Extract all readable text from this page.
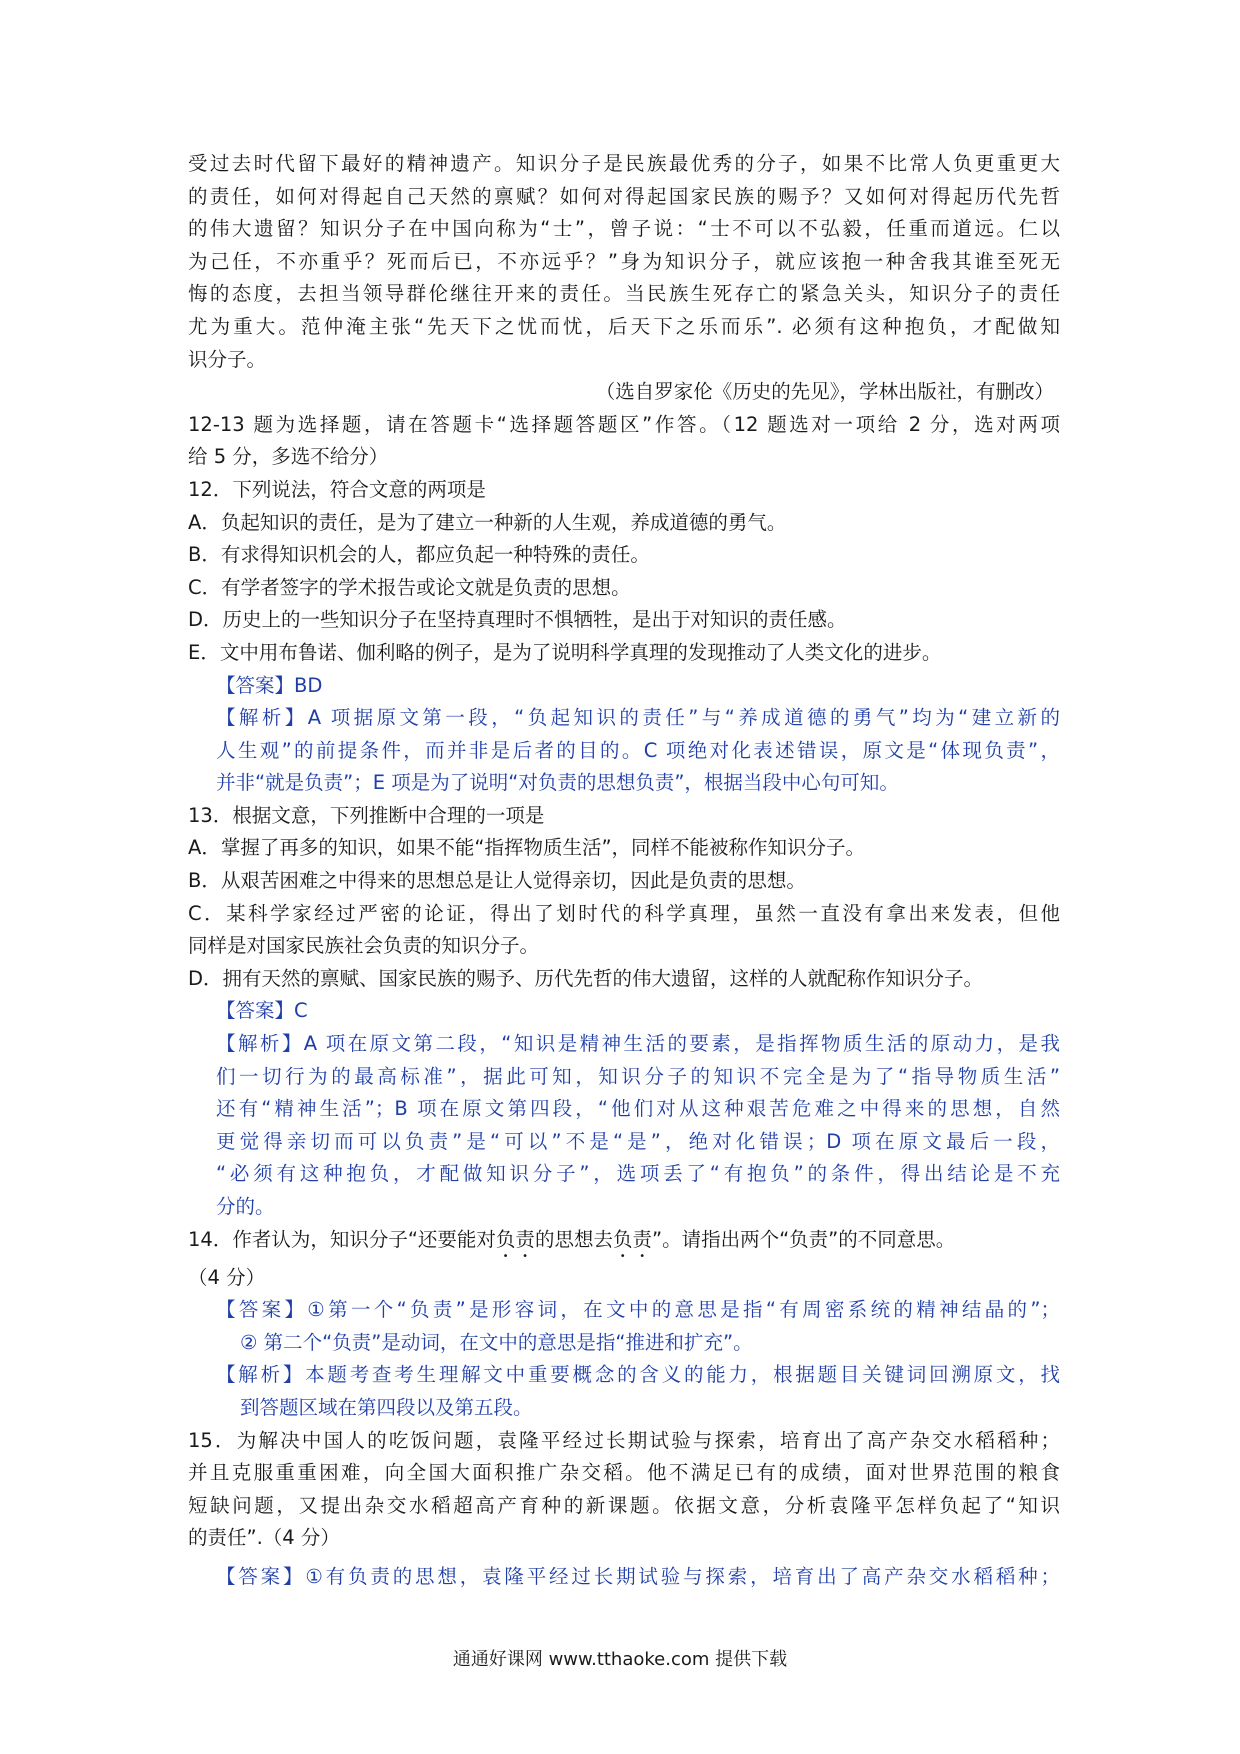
受过去时代留下最好的精神遗产。知识分子是民族最优秀的分子，如果不比常人负更重更大

的责任，如何对得起自己天然的禀赋？如何对得起国家民族的赐予？又如何对得起历代先哲

的伟大遗留？知识分子在中国向称为“士”，曾子说：“士不可以不弘毅，任重而道远。仁以

为己任，不亦重乎？死而后已，不亦远乎？”身为知识分子，就应该抱一种舍我其谁至死无

悔的态度，去担当领导群伦继往开来的责任。当民族生死存亡的紧急关头，知识分子的责任

尤为重大。范仲淹主张“先天下之忧而忧，后天下之乐而乐”. 必须有这种抱负，才配做知

识分子。

（选自罗家伦《历史的先见》，学林出版社，有删改）

12-13 题为选择题，请在答题卡“选择题答题区”作答。（12 题选对一项给 2 分，选对两项

给 5 分，多选不给分）

12．下列说法，符合文意的两项是

A．负起知识的责任，是为了建立一种新的人生观，养成道德的勇气。

B．有求得知识机会的人，都应负起一种特殊的责任。

C．有学者签字的学术报告或论文就是负责的思想。

D．历史上的一些知识分子在坚持真理时不惧牺牲，是出于对知识的责任感。

E．文中用布鲁诺、伽利略的例子，是为了说明科学真理的发现推动了人类文化的进步。

【答案】BD

【解析】A 项据原文第一段，“负起知识的责任”与“养成道德的勇气”均为“建立新的

人生观”的前提条件，而并非是后者的目的。C 项绝对化表述错误，原文是“体现负责”，

并非“就是负责”；E 项是为了说明“对负责的思想负责”，根据当段中心句可知。

13．根据文意，下列推断中合理的一项是

A．掌握了再多的知识，如果不能“指挥物质生活”，同样不能被称作知识分子。

B．从艰苦困难之中得来的思想总是让人觉得亲切，因此是负责的思想。

C．某科学家经过严密的论证，得出了划时代的科学真理，虽然一直没有拿出来发表，但他

同样是对国家民族社会负责的知识分子。

D．拥有天然的禀赋、国家民族的赐予、历代先哲的伟大遗留，这样的人就配称作知识分子。

【答案】C

【解析】A 项在原文第二段，“知识是精神生活的要素，是指挥物质生活的原动力，是我

们一切行为的最高标准”，据此可知，知识分子的知识不完全是为了“指导物质生活”

还有“精神生活”；B 项在原文第四段，“他们对从这种艰苦危难之中得来的思想，自然

更觉得亲切而可以负责”是“可以”不是“是”，绝对化错误；D 项在原文最后一段，

“必须有这种抱负，才配做知识分子”，选项丢了“有抱负”的条件，得出结论是不充

分的。

14．作者认为，知识分子“还要能对负责的思想去负责”。请指出两个“负责”的不同意思。

（4 分）

【答案】①第一个“负责”是形容词，在文中的意思是指“有周密系统的精神结晶的”；

② 第二个“负责”是动词，在文中的意思是指“推进和扩充”。

【解析】本题考查考生理解文中重要概念的含义的能力，根据题目关键词回溯原文，找

到答题区域在第四段以及第五段。

15．为解决中国人的吃饭问题，袁隆平经过长期试验与探索，培育出了高产杂交水稻稻种；

并且克服重重困难，向全国大面积推广杂交稻。他不满足已有的成绩，面对世界范围的粮食

短缺问题，又提出杂交水稻超高产育种的新课题。依据文意，分析袁隆平怎样负起了“知识

的责任”.（4 分）

【答案】①有负责的思想，袁隆平经过长期试验与探索，培育出了高产杂交水稻稻种；

通通好课网 www.tthaoke.com 提供下载
